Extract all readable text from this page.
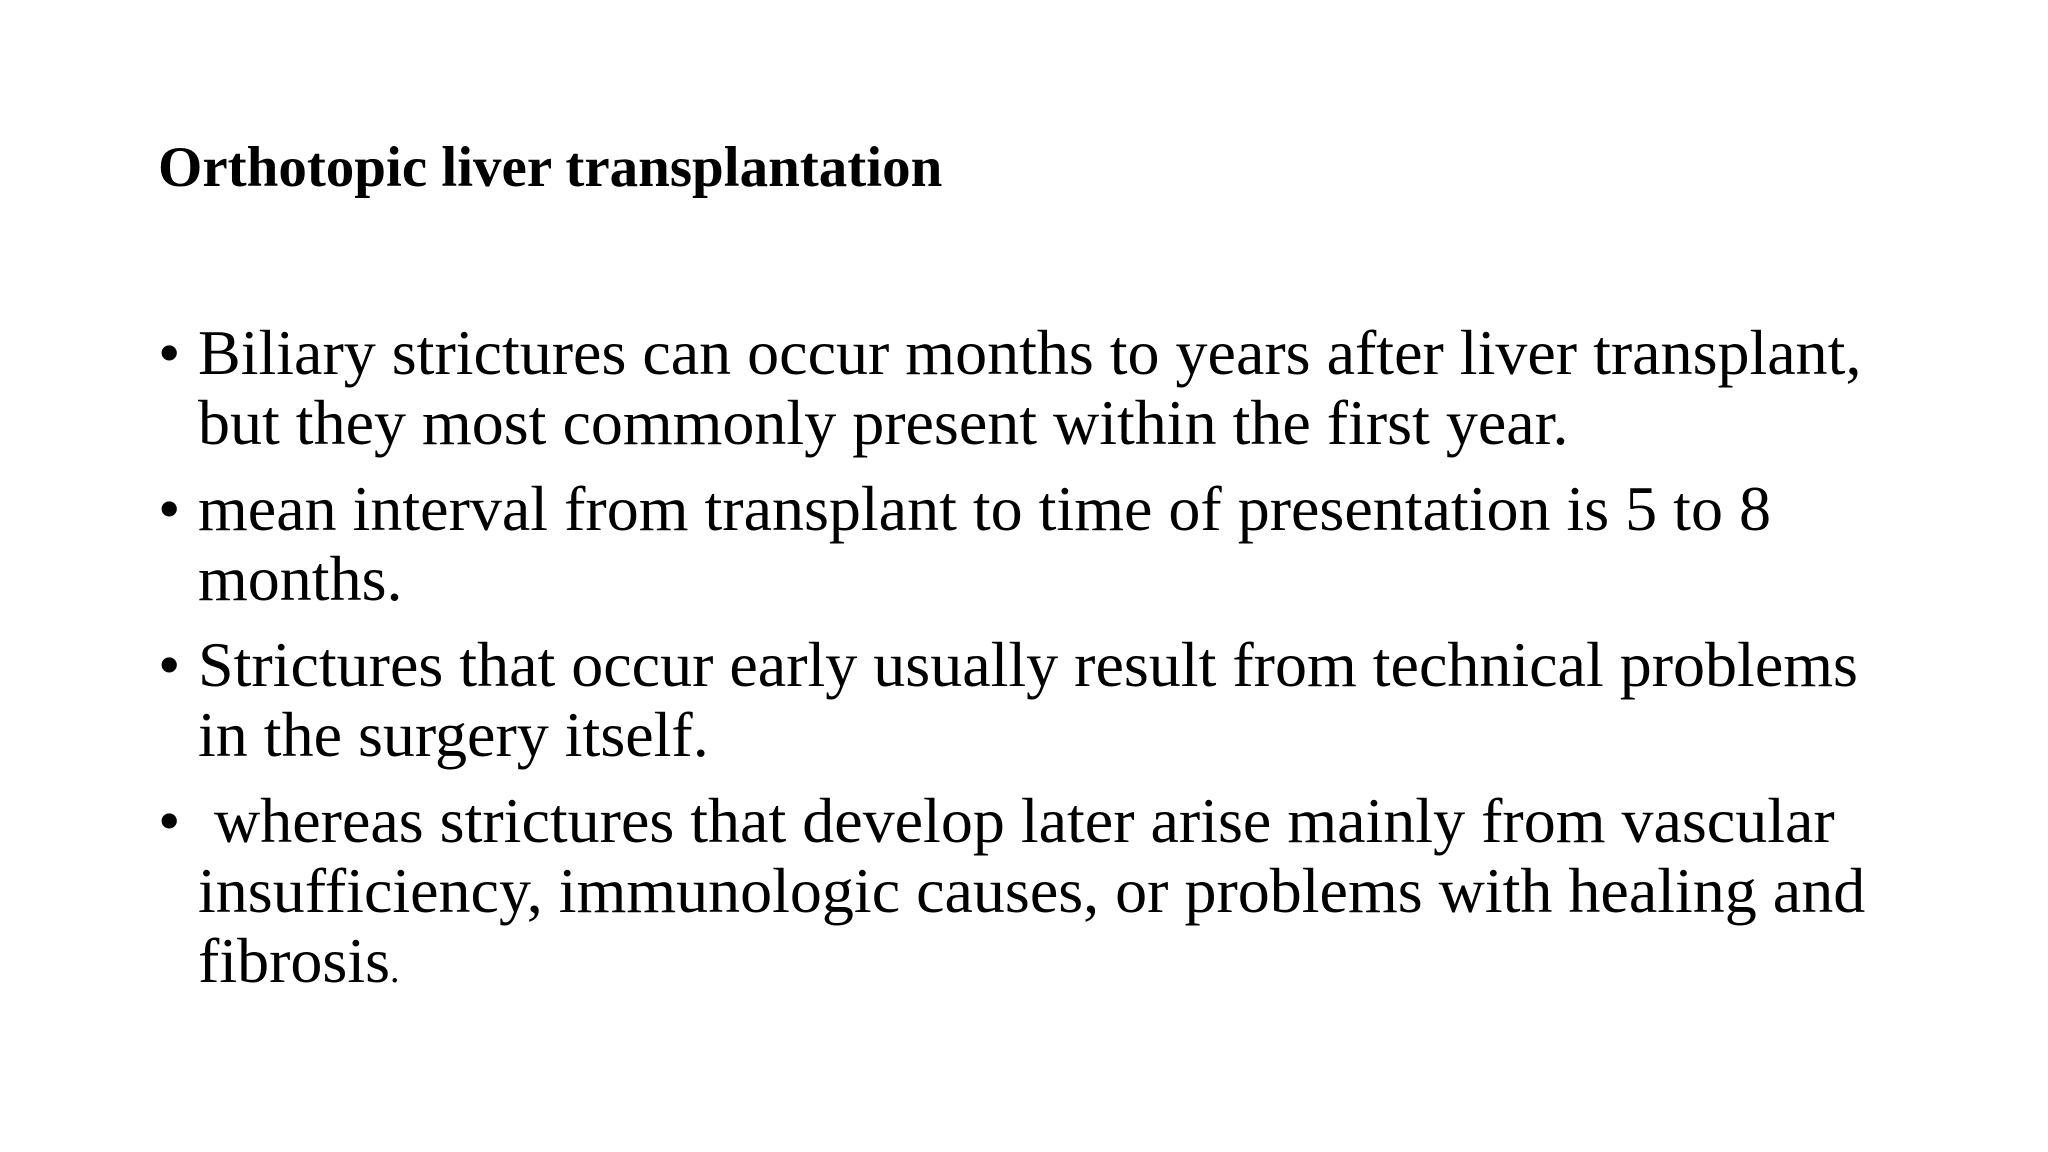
Orthotopic liver transplantation
• Biliary strictures can occur months to years after liver transplant, but they most commonly present within the first year.
• mean interval from transplant to time of presentation is 5 to 8 months.
• Strictures that occur early usually result from technical problems in the surgery itself.
• whereas strictures that develop later arise mainly from vascular insufficiency, immunologic causes, or problems with healing and fibrosis.
